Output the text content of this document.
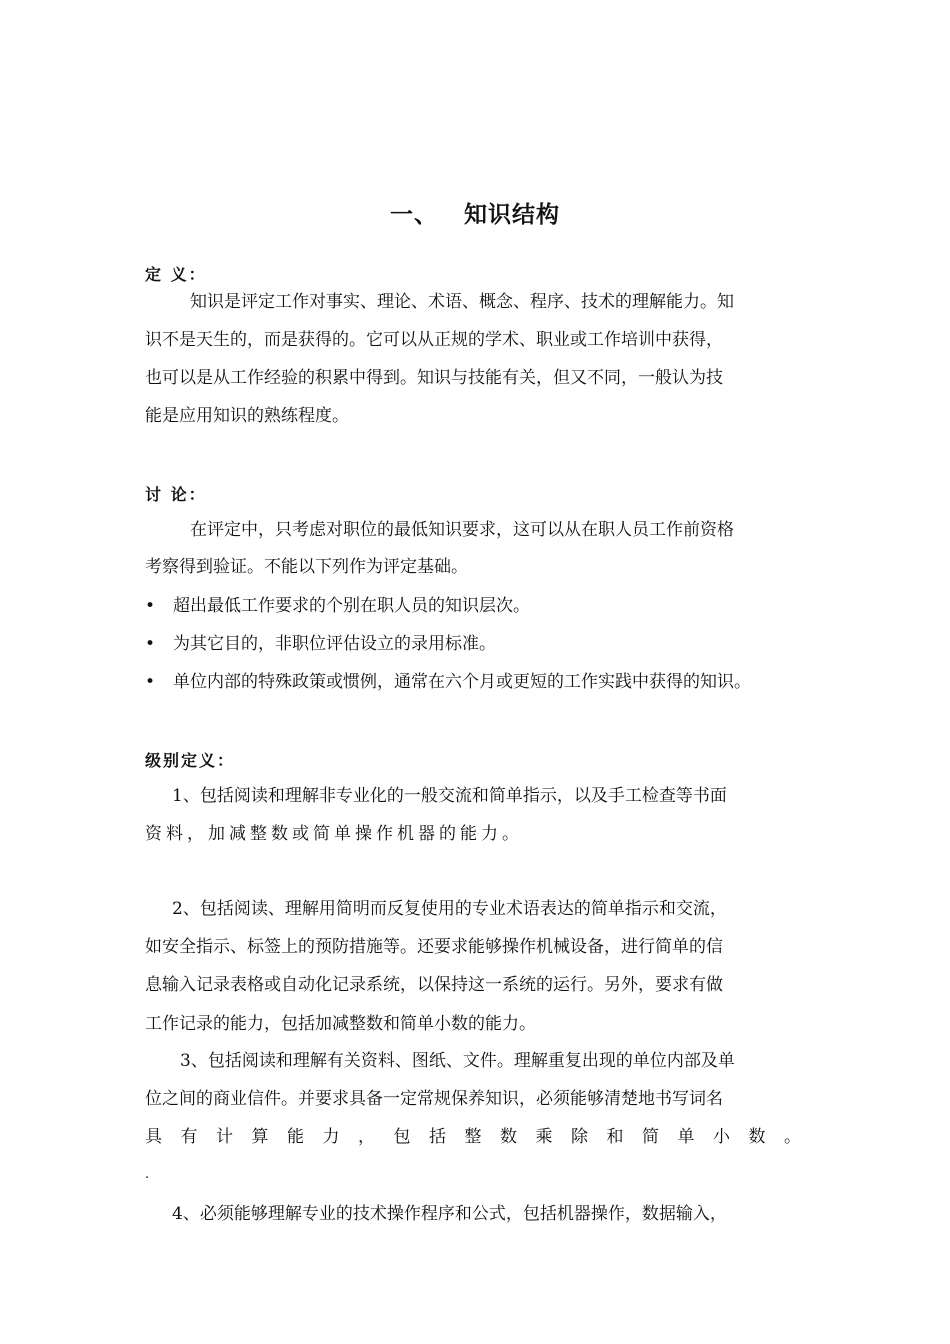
一、 知识结构
定 义：
知识是评定工作对事实、理论、术语、概念、程序、技术的理解能力。知
识不是天生的，而是获得的。它可以从正规的学术、职业或工作培训中获得，
也可以是从工作经验的积累中得到。知识与技能有关，但又不同，一般认为技
能是应用知识的熟练程度。
讨 论：
在评定中，只考虑对职位的最低知识要求，这可以从在职人员工作前资格
考察得到验证。不能以下列作为评定基础。
• 超出最低工作要求的个别在职人员的知识层次。
• 为其它目的，非职位评估设立的录用标准。
• 单位内部的特殊政策或惯例，通常在六个月或更短的工作实践中获得的知识。
级别定义：
1、包括阅读和理解非专业化的一般交流和简单指示，以及手工检查等书面
资料，加减整数或简单操作机器的能力。
2、包括阅读、理解用简明而反复使用的专业术语表达的简单指示和交流，
如安全指示、标签上的预防措施等。还要求能够操作机械设备，进行简单的信
息输入记录表格或自动化记录系统，以保持这一系统的运行。另外，要求有做
工作记录的能力，包括加减整数和简单小数的能力。
3、包括阅读和理解有关资料、图纸、文件。理解重复出现的单位内部及单
位之间的商业信件。并要求具备一定常规保养知识，必须能够清楚地书写词名
具有计算能力，包括整数乘除和简单小数。
.
4、必须能够理解专业的技术操作程序和公式，包括机器操作，数据输入，
